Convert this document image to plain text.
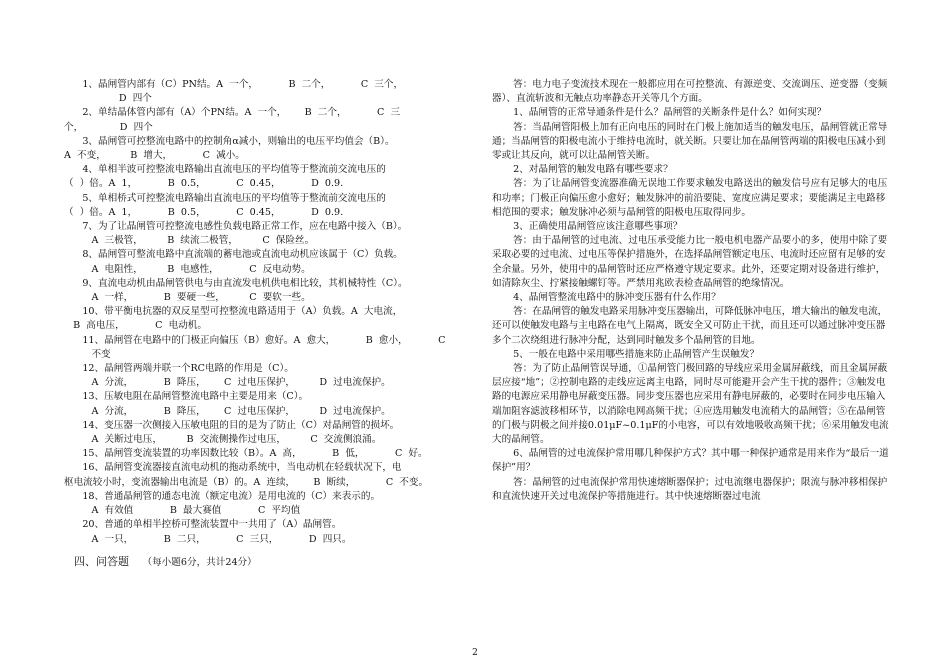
1、晶闸管内部有（C）PN结。A  一个，          B  二个，          C  三个，
D  四个

2、单结晶体管内部有（A）个PN结。A  一个，      B  二个，          C  三
个，            D  四个

3、晶闸管可控整流电路中的控制角α减小，则输出的电压平均值会（B）。
A  不变，        B  增大，          C  减小。

4、单相半波可控整流电路输出直流电压的平均值等于整流前交流电压的
（  ）倍。A  1，          B  0.5，          C  0.45，          D  0.9.

5、单相桥式可控整流电路输出直流电压的平均值等于整流前交流电压的
（  ）倍。A  1，          B  0.5，          C  0.45，          D  0.9.

7、为了让晶闸管可控整流电感性负载电路正常工作，应在电路中接入（B）。
A  三极管，        B  续流二极管，        C  保险丝。

8、晶闸管可整流电路中直流端的蓄电池或直流电动机应该属于（C）负载。
A  电阻性，        B  电感性，          C  反电动势。

9、直流电动机由晶闸管供电与由直流发电机供电相比较，其机械特性（C）。
A  一样，          B  要硬一些，        C  要软一些。

10、带平衡电抗器的双反星型可控整流电路适用于（A）负载。A  大电流，
B  高电压，          C  电动机。

11、晶闸管在电路中的门极正向偏压（B）愈好。A  愈大，          B  愈小，          C
不变

12、晶闸管两端并联一个RC电路的作用是（C）。
A  分流，          B  降压，      C  过电压保护，        D  过电流保护。

13、压敏电阻在晶闸管整流电路中主要是用来（C）。
A  分流，          B  降压，      C  过电压保护，        D  过电流保护。

14、变压器一次侧接入压敏电阻的目的是为了防止（C）对晶闸管的损坏。
A  关断过电压，        B  交流侧操作过电压，        C  交流侧浪涌。

15、晶闸管变流装置的功率因数比较（B）。A  高，          B  低，          C  好。

16、晶闸管变流器接直流电动机的拖动系统中，当电动机在轻载状况下，电
枢电流较小时，变流器输出电流是（B）的。A  连续，      B  断续，          C  不变。

18、普通晶闸管的通态电流（额定电流）是用电流的（C）来表示的。
A  有效值            B  最大赛值            C  平均值

20、普通的单相半控桥可整流装置中一共用了（A）晶闸管。
A  一只，          B  二只，          C  三只，          D  四只。

四、问答题 （每小题6分，共计24分）

答：电力电子变流技术现在一般都应用在可控整流、有源逆变、交流调压、逆变器（变频器）、直流斩波和无触点功率静态开关等几个方面。

1、晶闸管的正常导通条件是什么？晶闸管的关断条件是什么？如何实现？

答：当晶闸管阳极上加有正向电压的同时在门极上施加适当的触发电压，晶闸管就正常导通；当晶闸管的阳极电流小于维持电流时，就关断。只要让加在晶闸管两端的阳极电压减小到零或让其反向，就可以让晶闸管关断。

2、对晶闸管的触发电路有哪些要求？

答：为了让晶闸管变流器准确无误地工作要求触发电路送出的触发信号应有足够大的电压和功率；门极正向偏压愈小愈好；触发脉冲的前沿要陡、宽度应满足要求；要能满足主电路移相范围的要求；触发脉冲必须与晶闸管的阳极电压取得同步。

3、正确使用晶闸管应该注意哪些事项？

答：由于晶闸管的过电流、过电压承受能力比一般电机电器产品要小的多，使用中除了要采取必要的过电流、过电压等保护措施外，在选择晶闸管额定电压、电流时还应留有足够的安全余量。另外，使用中的晶闸管时还应严格遵守规定要求。此外，还要定期对设备进行维护，如清除灰尘、拧紧接触螺钉等。严禁用兆欧表检查晶闸管的绝缘情况。

4、晶闸管整流电路中的脉冲变压器有什么作用？

答：在晶闸管的触发电路采用脉冲变压器输出，可降低脉冲电压，增大输出的触发电流，还可以使触发电路与主电路在电气上隔离，既安全又可防止干扰，而且还可以通过脉冲变压器多个二次绕组进行脉冲分配，达到同时触发多个晶闸管的目地。

5、一般在电路中采用哪些措施来防止晶闸管产生误触发？

答：为了防止晶闸管误导通，①晶闸管门极回路的导线应采用金属屏蔽线，而且金属屏蔽层应接“地”；②控制电路的走线应远离主电路，同时尽可能避开会产生干扰的器件；③触发电路的电源应采用静电屏蔽变压器。同步变压器也应采用有静电屏蔽的，必要时在同步电压输入端加阻容滤波移相环节，以消除电网高频干扰；④应选用触发电流稍大的晶闸管；⑤在晶闸管的门极与阴极之间并接0.01μF~0.1μF的小电容，可以有效地吸收高频干扰；⑥采用触发电流大的晶闸管。

6、晶闸管的过电流保护常用哪几种保护方式？其中哪一种保护通常是用来作为“最后一道保护”用？

答：晶闸管的过电流保护常用快速熔断器保护；过电流继电器保护；限流与脉冲移相保护和直流快速开关过电流保护等措施进行。其中快速熔断器过电流

2
